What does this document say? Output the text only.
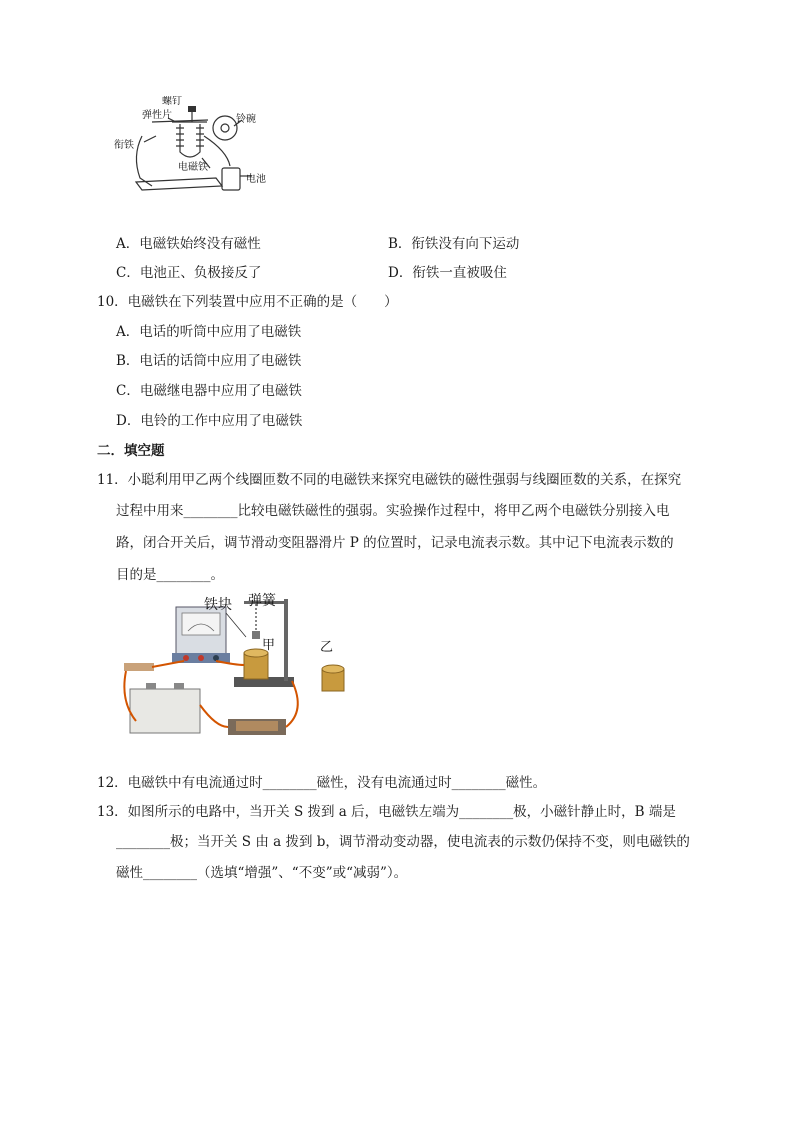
螺钉
弹性片	铃碗
衔铁
电磁铁
电池
A．电磁铁始终没有磁性	B．衔铁没有向下运动
C．电池正、负极接反了	D．衔铁一直被吸住
10．电磁铁在下列装置中应用不正确的是（　　）
A．电话的听筒中应用了电磁铁
B．电话的话筒中应用了电磁铁
C．电磁继电器中应用了电磁铁
D．电铃的工作中应用了电磁铁
二．填空题
11．小聪利用甲乙两个线圈匝数不同的电磁铁来探究电磁铁的磁性强弱与线圈匝数的关系，在探究
过程中用来________比较电磁铁磁性的强弱。实验操作过程中，将甲乙两个电磁铁分别接入电
路，闭合开关后，调节滑动变阻器滑片 P 的位置时，记录电流表示数。其中记下电流表示数的
目的是________。
铁块 弹簧
甲	乙
12．电磁铁中有电流通过时________磁性，没有电流通过时________磁性。
13．如图所示的电路中，当开关 S 拨到 a 后，电磁铁左端为________极，小磁针静止时，B 端是
________极；当开关 S 由 a 拨到 b，调节滑动变动器，使电流表的示数仍保持不变，则电磁铁的
磁性________（选填“增强”、“不变”或“减弱”）。
